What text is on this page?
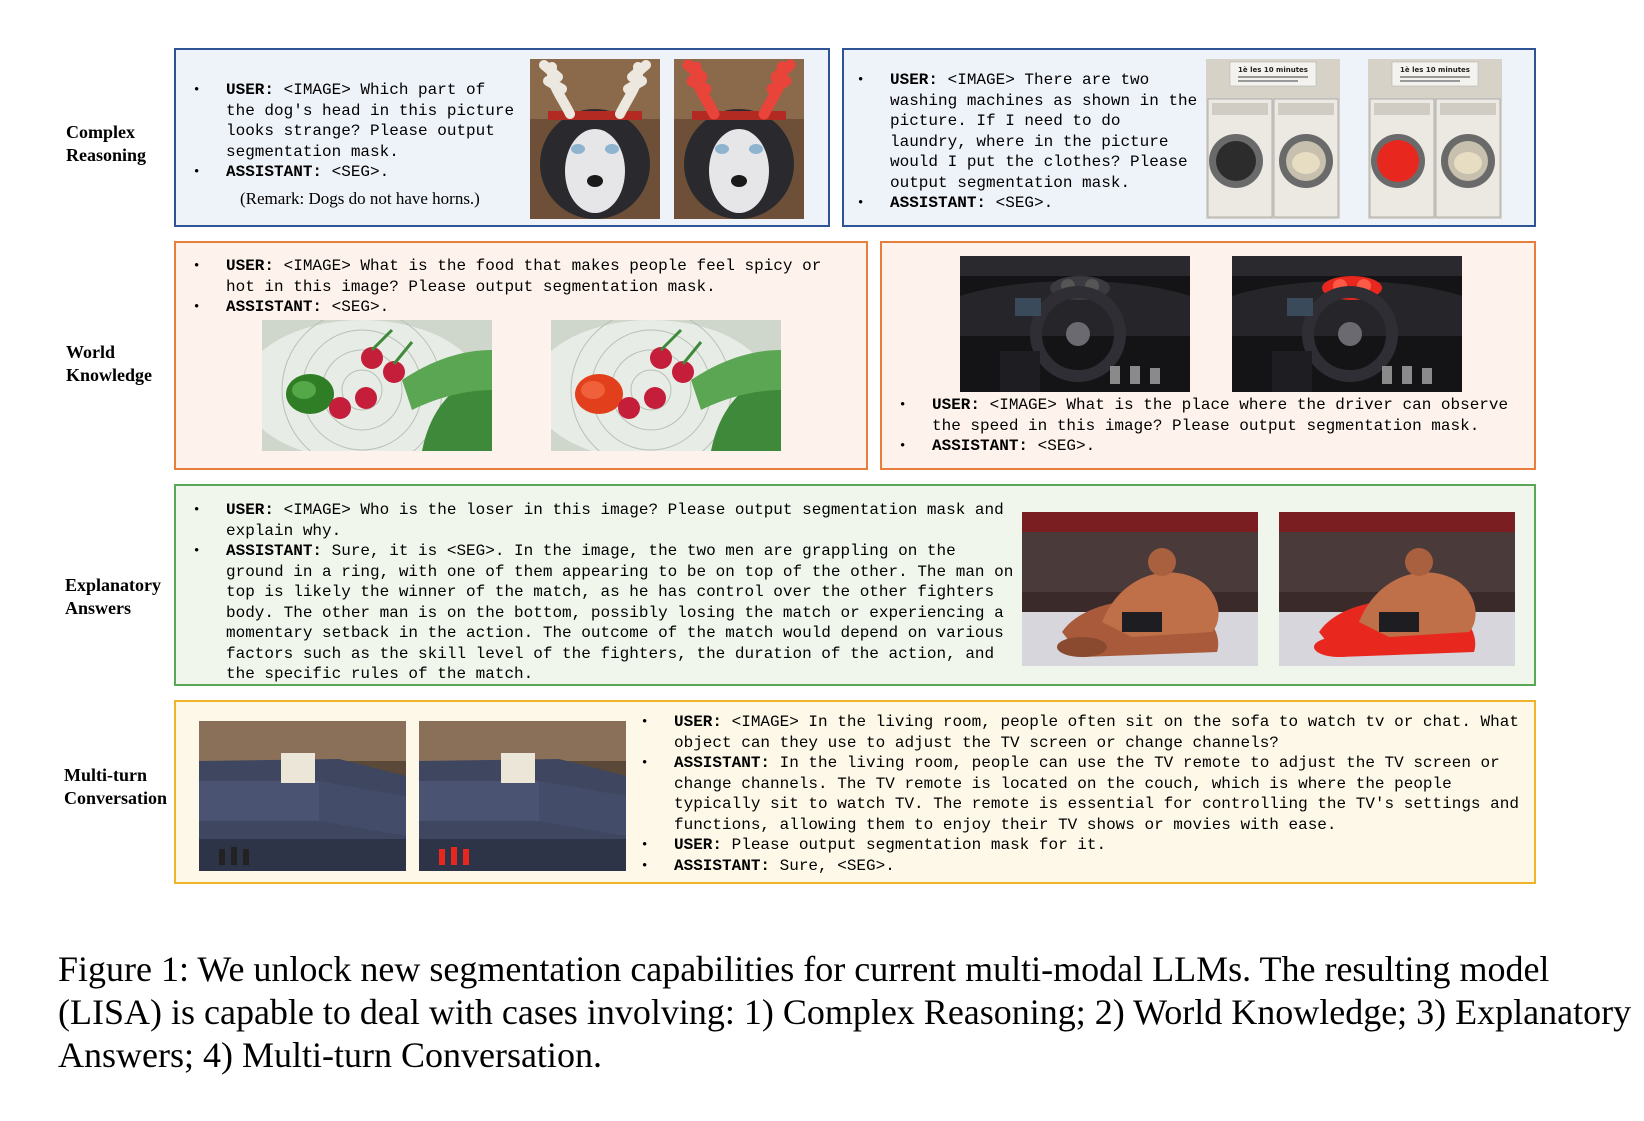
Complex
Reasoning
World
Knowledge
Explanatory
Answers
Multi-turn
Conversation
• USER: <IMAGE> Which part of the dog's head in this picture looks strange? Please output segmentation mask.
• ASSISTANT: <SEG>.
(Remark: Dogs do not have horns.)
• USER: <IMAGE> There are two washing machines as shown in the picture. If I need to do laundry, where in the picture would I put the clothes? Please output segmentation mask.
• ASSISTANT: <SEG>.
1è les 10 minutes	1è les 10 minutes
• USER: <IMAGE> What is the food that makes people feel spicy or hot in this image? Please output segmentation mask.
• ASSISTANT: <SEG>.
• USER: <IMAGE> What is the place where the driver can observe the speed in this image? Please output segmentation mask.
• ASSISTANT: <SEG>.
• USER: <IMAGE> Who is the loser in this image? Please output segmentation mask and explain why.
• ASSISTANT: Sure, it is <SEG>. In the image, the two men are grappling on the ground in a ring, with one of them appearing to be on top of the other. The man on top is likely the winner of the match, as he has control over the other fighters body. The other man is on the bottom, possibly losing the match or experiencing a momentary setback in the action. The outcome of the match would depend on various factors such as the skill level of the fighters, the duration of the action, and the specific rules of the match.
• USER: <IMAGE> In the living room, people often sit on the sofa to watch tv or chat. What object can they use to adjust the TV screen or change channels?
• ASSISTANT: In the living room, people can use the TV remote to adjust the TV screen or change channels. The TV remote is located on the couch, which is where the people typically sit to watch TV. The remote is essential for controlling the TV's settings and functions, allowing them to enjoy their TV shows or movies with ease.
• USER: Please output segmentation mask for it.
• ASSISTANT: Sure, <SEG>.
Figure 1: We unlock new segmentation capabilities for current multi-modal LLMs. The resulting model (LISA) is capable to deal with cases involving: 1) Complex Reasoning; 2) World Knowledge; 3) Explanatory Answers; 4) Multi-turn Conversation.
